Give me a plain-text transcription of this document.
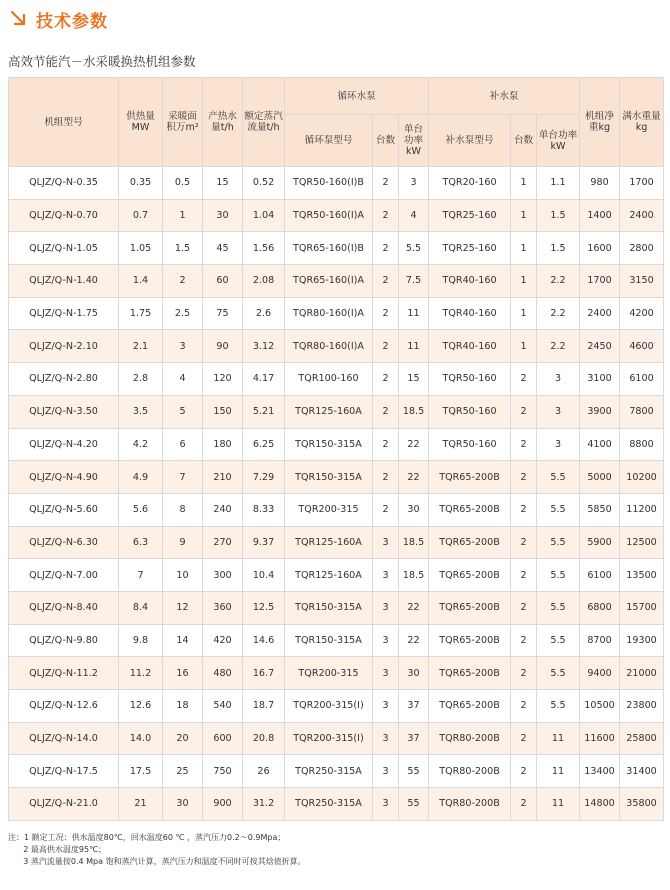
技术参数
高效节能汽－水采暖换热机组参数
机组型号	供热量MW	采暖面积万m²	产热水量t/h	额定蒸汽流量t/h	循环水泵			补水泵			机组净重kg	满水重量kg
					循环泵型号	台数	单台功率kW	补水泵型号	台数	单台功率kW		
QLJZ/Q-N-0.35	0.35	0.5	15	0.52	TQR50-160(I)B	2	3	TQR20-160	1	1.1	980	1700
QLJZ/Q-N-0.70	0.7	1	30	1.04	TQR50-160(I)A	2	4	TQR25-160	1	1.5	1400	2400
QLJZ/Q-N-1.05	1.05	1.5	45	1.56	TQR65-160(I)B	2	5.5	TQR25-160	1	1.5	1600	2800
QLJZ/Q-N-1.40	1.4	2	60	2.08	TQR65-160(I)A	2	7.5	TQR40-160	1	2.2	1700	3150
QLJZ/Q-N-1.75	1.75	2.5	75	2.6	TQR80-160(I)A	2	11	TQR40-160	1	2.2	2400	4200
QLJZ/Q-N-2.10	2.1	3	90	3.12	TQR80-160(I)A	2	11	TQR40-160	1	2.2	2450	4600
QLJZ/Q-N-2.80	2.8	4	120	4.17	TQR100-160	2	15	TQR50-160	2	3	3100	6100
QLJZ/Q-N-3.50	3.5	5	150	5.21	TQR125-160A	2	18.5	TQR50-160	2	3	3900	7800
QLJZ/Q-N-4.20	4.2	6	180	6.25	TQR150-315A	2	22	TQR50-160	2	3	4100	8800
QLJZ/Q-N-4.90	4.9	7	210	7.29	TQR150-315A	2	22	TQR65-200B	2	5.5	5000	10200
QLJZ/Q-N-5.60	5.6	8	240	8.33	TQR200-315	2	30	TQR65-200B	2	5.5	5850	11200
QLJZ/Q-N-6.30	6.3	9	270	9.37	TQR125-160A	3	18.5	TQR65-200B	2	5.5	5900	12500
QLJZ/Q-N-7.00	7	10	300	10.4	TQR125-160A	3	18.5	TQR65-200B	2	5.5	6100	13500
QLJZ/Q-N-8.40	8.4	12	360	12.5	TQR150-315A	3	22	TQR65-200B	2	5.5	6800	15700
QLJZ/Q-N-9.80	9.8	14	420	14.6	TQR150-315A	3	22	TQR65-200B	2	5.5	8700	19300
QLJZ/Q-N-11.2	11.2	16	480	16.7	TQR200-315	3	30	TQR65-200B	2	5.5	9400	21000
QLJZ/Q-N-12.6	12.6	18	540	18.7	TQR200-315(I)	3	37	TQR65-200B	2	5.5	10500	23800
QLJZ/Q-N-14.0	14.0	20	600	20.8	TQR200-315(I)	3	37	TQR80-200B	2	11	11600	25800
QLJZ/Q-N-17.5	17.5	25	750	26	TQR250-315A	3	55	TQR80-200B	2	11	13400	31400
QLJZ/Q-N-21.0	21	30	900	31.2	TQR250-315A	3	55	TQR80-200B	2	11	14800	35800
注：1 额定工况：供水温度80℃，回水温度60 ℃ ，蒸汽压力0.2～0.9Mpa；
2 最高供水温度95℃；
3 蒸汽流量按0.4 Mpa 饱和蒸汽计算，蒸汽压力和温度不同时可按其焓值折算。
